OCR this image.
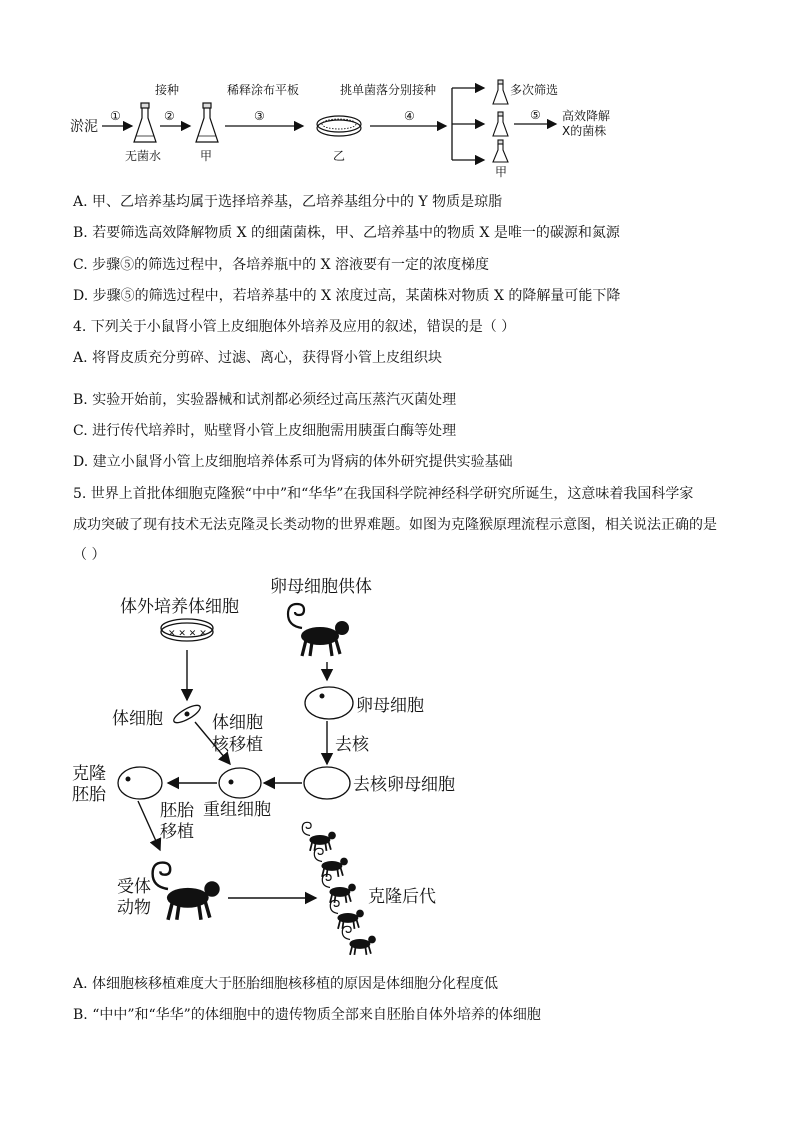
淤泥
①
无菌水
②
接种
甲
③
稀释涂布平板
乙
④
挑单菌落分别接种	多次筛选
甲
⑤ 高效降解
X的菌株
A. 甲、乙培养基均属于选择培养基，乙培养基组分中的 Y 物质是琼脂
B. 若要筛选高效降解物质 X 的细菌菌株，甲、乙培养基中的物质 X 是唯一的碳源和氮源
C. 步骤⑤的筛选过程中，各培养瓶中的 X 溶液要有一定的浓度梯度
D. 步骤⑤的筛选过程中，若培养基中的 X 浓度过高，某菌株对物质 X 的降解量可能下降
4. 下列关于小鼠肾小管上皮细胞体外培养及应用的叙述，错误的是（ ）
A. 将肾皮质充分剪碎、过滤、离心，获得肾小管上皮组织块
B. 实验开始前，实验器械和试剂都必须经过高压蒸汽灭菌处理
C. 进行传代培养时，贴壁肾小管上皮细胞需用胰蛋白酶等处理
D. 建立小鼠肾小管上皮细胞培养体系可为肾病的体外研究提供实验基础
5. 世界上首批体细胞克隆猴“中中”和“华华”在我国科学院神经科学研究所诞生，这意味着我国科学家
成功突破了现有技术无法克隆灵长类动物的世界难题。如图为克隆猴原理流程示意图，相关说法正确的是
（ ）
体外培养体细胞
✕ ✕ ✕ ✕
体细胞	体细胞
核移植
卵母细胞供体
卵母细胞
去核
去核卵母细胞
重组细胞
克隆
胚胎
胚胎
移植
受体
动物
克隆后代
A. 体细胞核移植难度大于胚胎细胞核移植的原因是体细胞分化程度低
B. “中中”和“华华”的体细胞中的遗传物质全部来自胚胎自体外培养的体细胞
